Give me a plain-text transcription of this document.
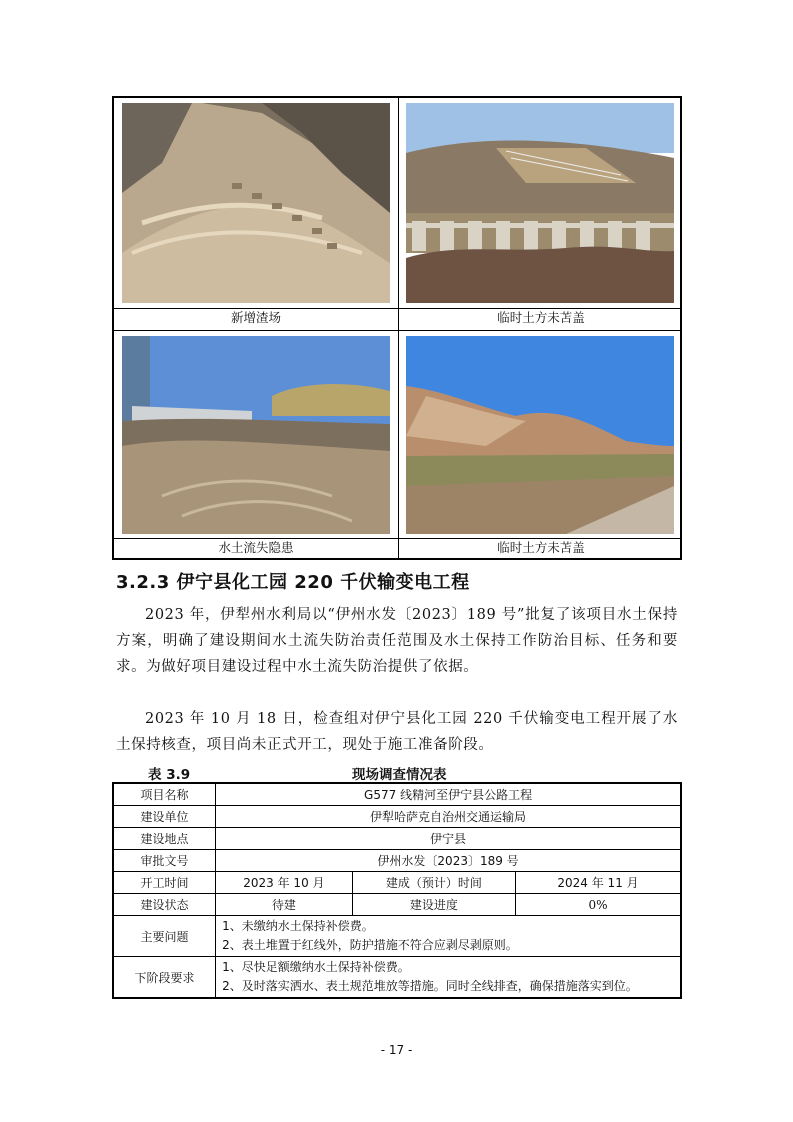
新增渣场	临时土方未苫盖
水土流失隐患	临时土方未苫盖
3.2.3 伊宁县化工园 220 千伏输变电工程
2023 年，伊犁州水利局以“伊州水发〔2023〕189 号”批复了该项目水土保持方案，明确了建设期间水土流失防治责任范围及水土保持工作防治目标、任务和要求。为做好项目建设过程中水土流失防治提供了依据。
2023 年 10 月 18 日，检查组对伊宁县化工园 220 千伏输变电工程开展了水土保持核查，项目尚未正式开工，现处于施工准备阶段。
表 3.9	现场调查情况表
项目名称	G577 线精河至伊宁县公路工程		
建设单位	伊犁哈萨克自治州交通运输局		
建设地点	伊宁县		
审批文号	伊州水发〔2023〕189 号		
开工时间	2023 年 10 月	建成（预计）时间	2024 年 11 月
建设状态	待建	建设进度	0%
主要问题	1、未缴纳水土保持补偿费。
2、表土堆置于红线外，防护措施不符合应剥尽剥原则。		

下阶段要求	1、尽快足额缴纳水土保持补偿费。
2、及时落实洒水、表土规范堆放等措施。同时全线排查，确保措施落实到位。		
- 17 -
